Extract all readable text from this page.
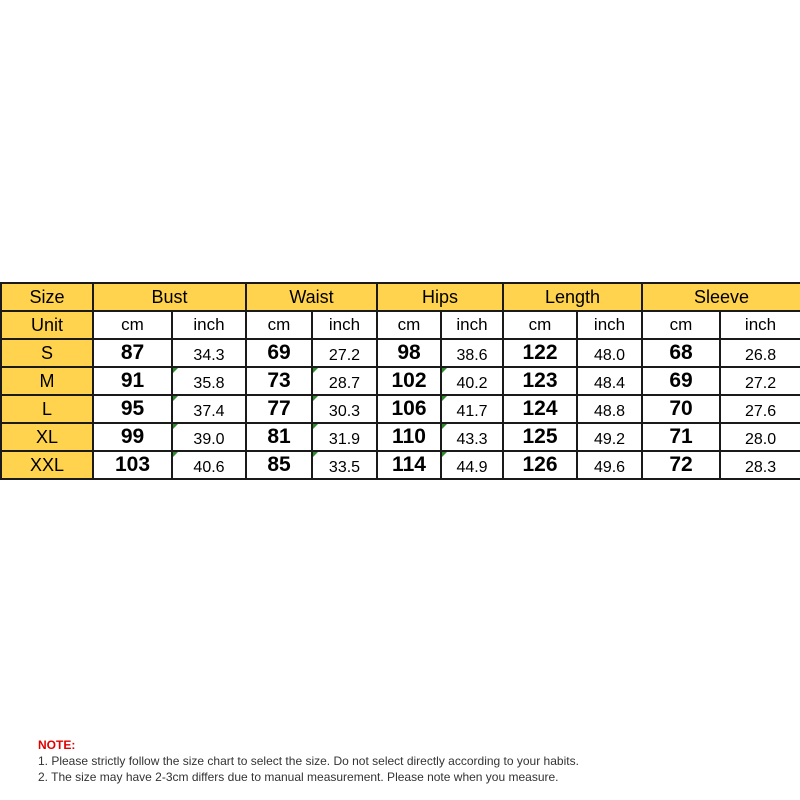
Size	Bust		Waist		Hips		Length		Sleeve	
Unit	cm	inch	cm	inch	cm	inch	cm	inch	cm	inch
S	87	34.3	69	27.2	98	38.6	122	48.0	68	26.8
M	91	35.8	73	28.7	102	40.2	123	48.4	69	27.2
L	95	37.4	77	30.3	106	41.7	124	48.8	70	27.6
XL	99	39.0	81	31.9	110	43.3	125	49.2	71	28.0
XXL	103	40.6	85	33.5	114	44.9	126	49.6	72	28.3
NOTE:
1. Please strictly follow the size chart to select the size. Do not select directly according to your habits.
2. The size may have 2-3cm differs due to manual measurement. Please note when you measure.
